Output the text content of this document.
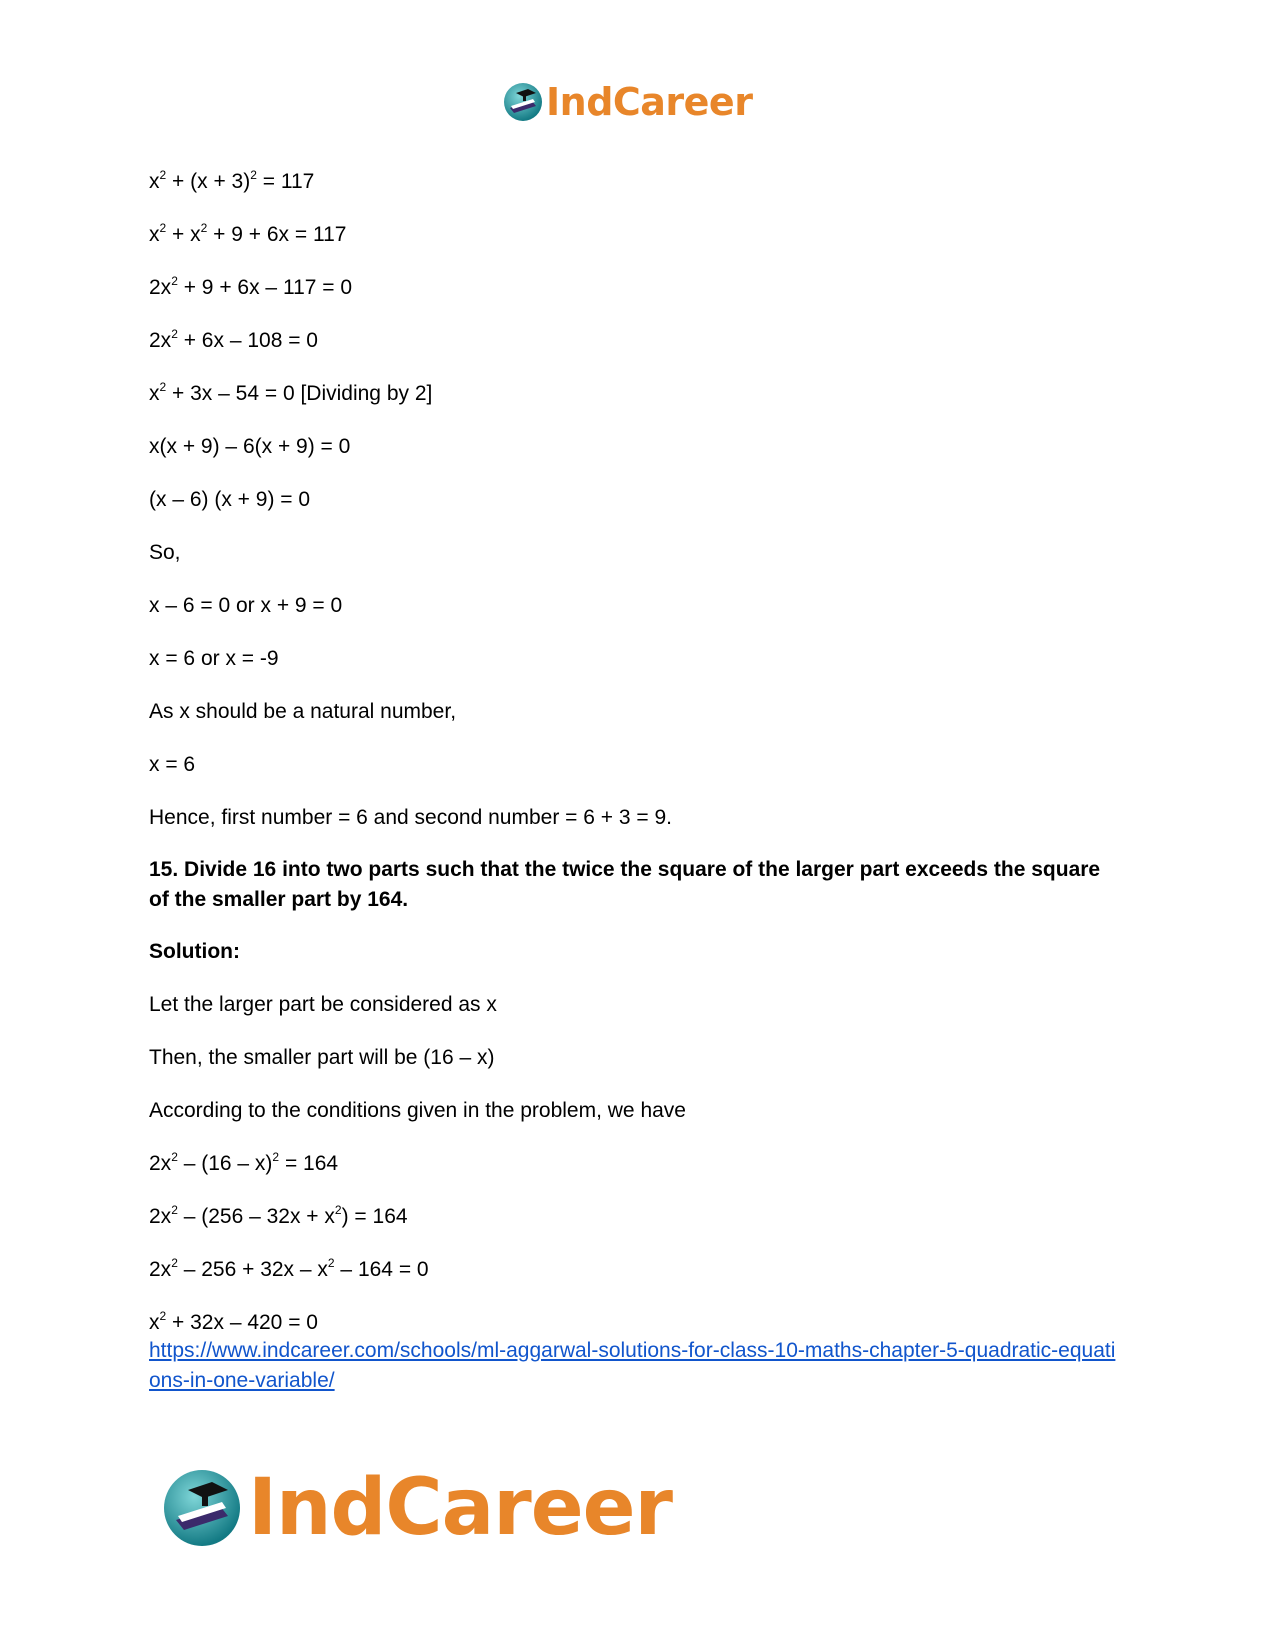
IndCareer
$x^2 + (x + 3)^2 = 117$
$x^2 + x^2 + 9 + 6x = 117$
$2x^2 + 9 + 6x - 117 = 0$
$2x^2 + 6x - 108 = 0$
$x^2 + 3x - 54 = 0$ [Dividing by 2]
x(x + 9) – 6(x + 9) = 0
(x – 6) (x + 9) = 0
So,
x – 6 = 0 or x + 9 = 0
x = 6 or x = -9
As x should be a natural number,
x = 6
Hence, first number = 6 and second number = 6 + 3 = 9.
15. Divide 16 into two parts such that the twice the square of the larger part exceeds the square of the smaller part by 164.
Solution:
Let the larger part be considered as x
Then, the smaller part will be (16 – x)
According to the conditions given in the problem, we have
$2x^2 - (16 - x)^2 = 164$
$2x^2 - (256 - 32x + x^2) = 164$
$2x^2 - 256 + 32x - x^2 - 164 = 0$
$x^2 + 32x - 420 = 0$
https://www.indcareer.com/schools/ml-aggarwal-solutions-for-class-10-maths-chapter-5-quadratic-equations-in-one-variable/
IndCareer
